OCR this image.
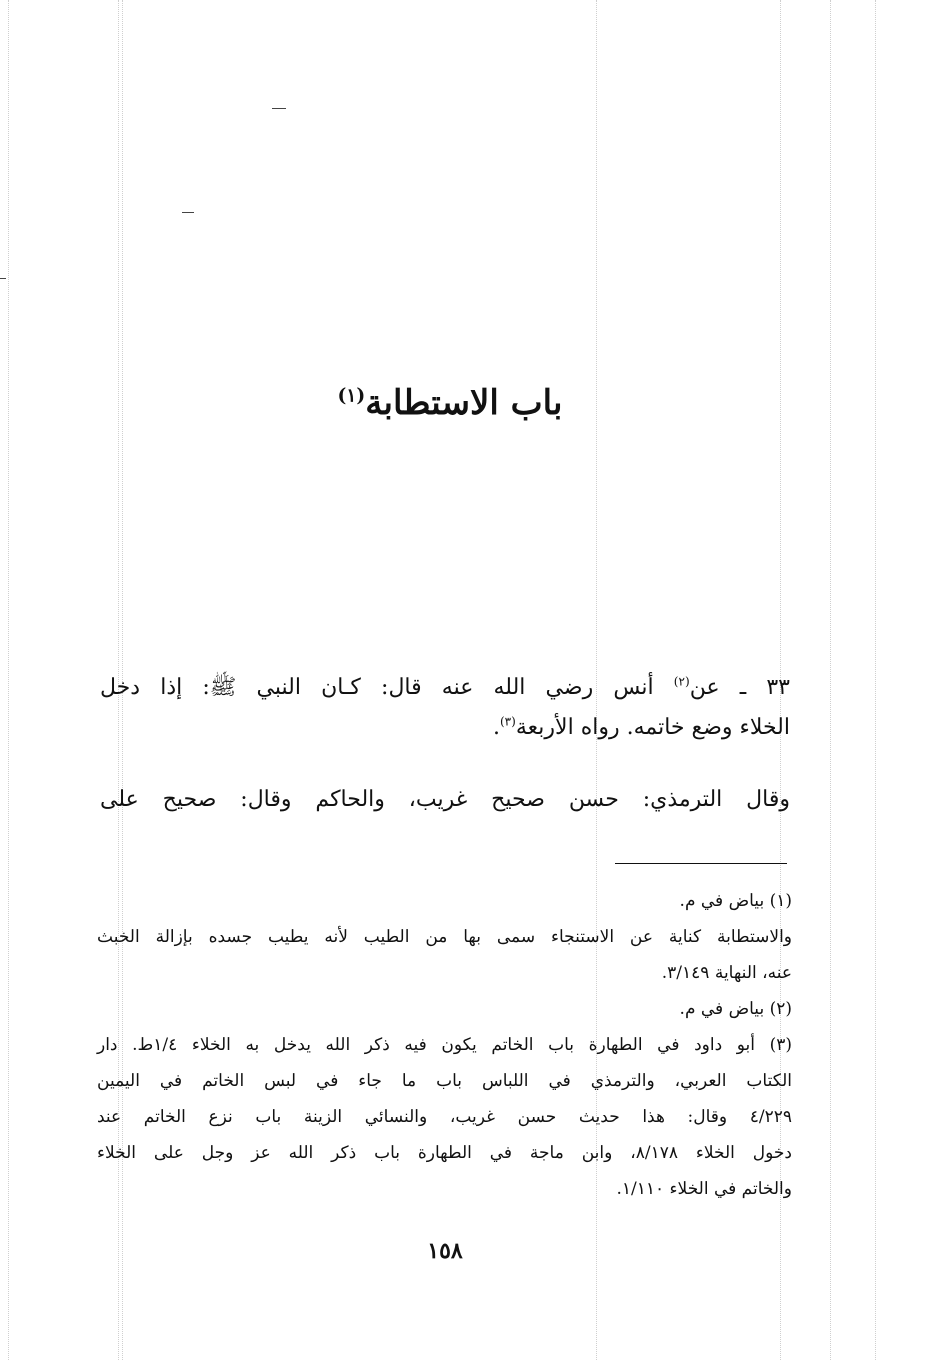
باب الاستطابة$^{(١)}$
٣٣ ـ عن$^{(٢)}$ أنس رضي الله عنه قال: كـان النبي ﷺ: إذا دخل
الخلاء وضع خاتمه. رواه الأربعة$^{(٣)}$.
وقال الترمذي: حسن صحيح غريب، والحاكم وقال: صحيح على
(١) بياض في م.
والاستطابة كناية عن الاستنجاء سمى بها من الطيب لأنه يطيب جسده بإزالة الخبث
عنه، النهاية ٣/١٤٩.
(٢) بياض في م.
(٣) أبو داود في الطهارة باب الخاتم يكون فيه ذكر الله يدخل به الخلاء ١/٤ط. دار
الكتاب العربي، والترمذي في اللباس باب ما جاء في لبس الخاتم في اليمين
٤/٢٢٩ وقال: هذا حديث حسن غريب، والنسائي الزينة باب نزع الخاتم عند
دخول الخلاء ٨/١٧٨، وابن ماجة في الطهارة باب ذكر الله عز وجل على الخلاء
والخاتم في الخلاء ١/١١٠.
١٥٨
